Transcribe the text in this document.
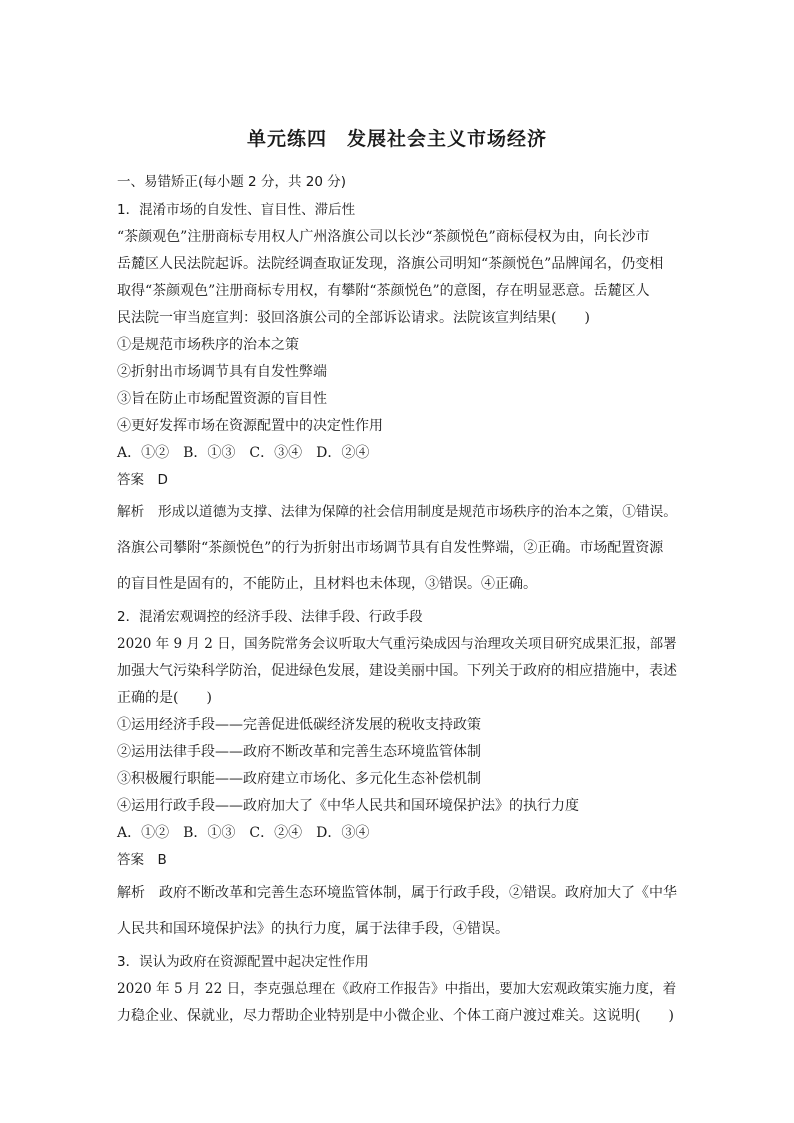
单元练四　发展社会主义市场经济
一、易错矫正(每小题 2 分，共 20 分)
1．混淆市场的自发性、盲目性、滞后性
“茶颜观色”注册商标专用权人广州洛旗公司以长沙“茶颜悦色”商标侵权为由，向长沙市
岳麓区人民法院起诉。法院经调查取证发现，洛旗公司明知“茶颜悦色”品牌闻名，仍变相
取得“茶颜观色”注册商标专用权，有攀附“茶颜悦色”的意图，存在明显恶意。岳麓区人
民法院一审当庭宣判：驳回洛旗公司的全部诉讼请求。法院该宣判结果(　　)
①是规范市场秩序的治本之策
②折射出市场调节具有自发性弊端
③旨在防止市场配置资源的盲目性
④更好发挥市场在资源配置中的决定性作用
A．①②　B．①③　C．③④　D．②④
答案　D
解析　形成以道德为支撑、法律为保障的社会信用制度是规范市场秩序的治本之策，①错误。
洛旗公司攀附“茶颜悦色”的行为折射出市场调节具有自发性弊端，②正确。市场配置资源
的盲目性是固有的，不能防止，且材料也未体现，③错误。④正确。
2．混淆宏观调控的经济手段、法律手段、行政手段
2020 年 9 月 2 日，国务院常务会议听取大气重污染成因与治理攻关项目研究成果汇报，部署
加强大气污染科学防治，促进绿色发展，建设美丽中国。下列关于政府的相应措施中，表述
正确的是(　　)
①运用经济手段——完善促进低碳经济发展的税收支持政策
②运用法律手段——政府不断改革和完善生态环境监管体制
③积极履行职能——政府建立市场化、多元化生态补偿机制
④运用行政手段——政府加大了《中华人民共和国环境保护法》的执行力度
A．①②　B．①③　C．②④　D．③④
答案　B
解析　政府不断改革和完善生态环境监管体制，属于行政手段，②错误。政府加大了《中华
人民共和国环境保护法》的执行力度，属于法律手段，④错误。
3．误认为政府在资源配置中起决定性作用
2020 年 5 月 22 日，李克强总理在《政府工作报告》中指出，要加大宏观政策实施力度，着
力稳企业、保就业，尽力帮助企业特别是中小微企业、个体工商户渡过难关。这说明(　　)
